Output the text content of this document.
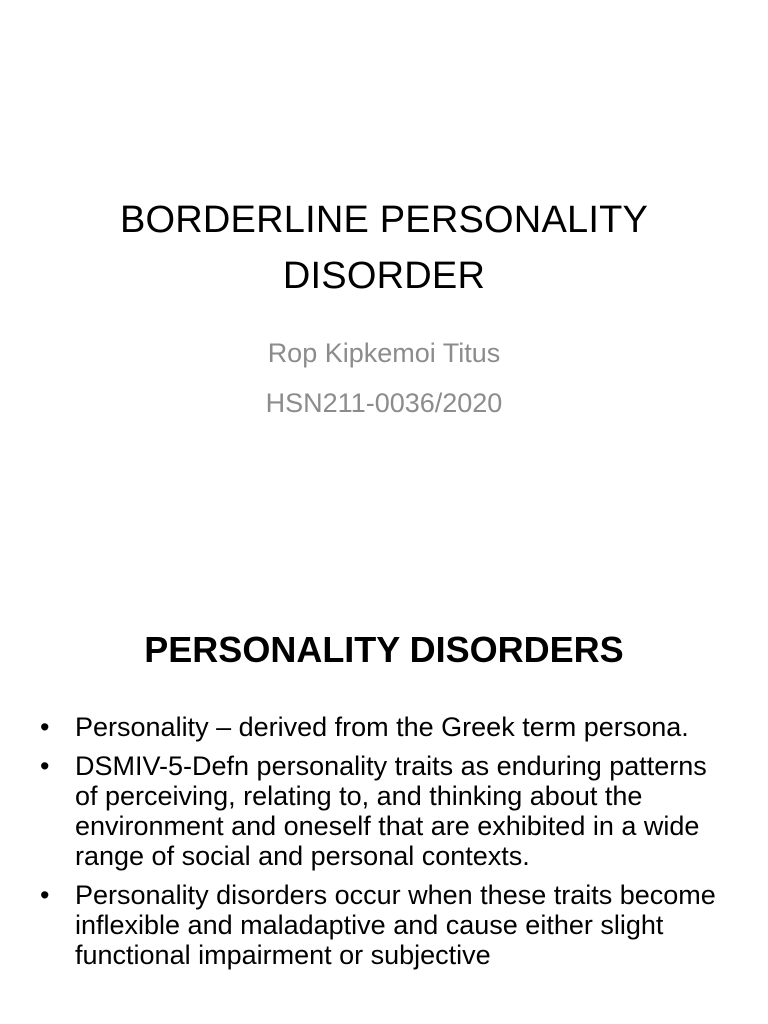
BORDERLINE PERSONALITY
DISORDER
Rop Kipkemoi Titus
HSN211-0036/2020
PERSONALITY DISORDERS
• Personality – derived from the Greek term persona.
• DSMIV-5-Defn personality traits as enduring patterns of perceiving, relating to, and thinking about the environment and oneself that are exhibited in a wide range of social and personal contexts.
• Personality disorders occur when these traits become inflexible and maladaptive and cause either slight functional impairment or subjective
